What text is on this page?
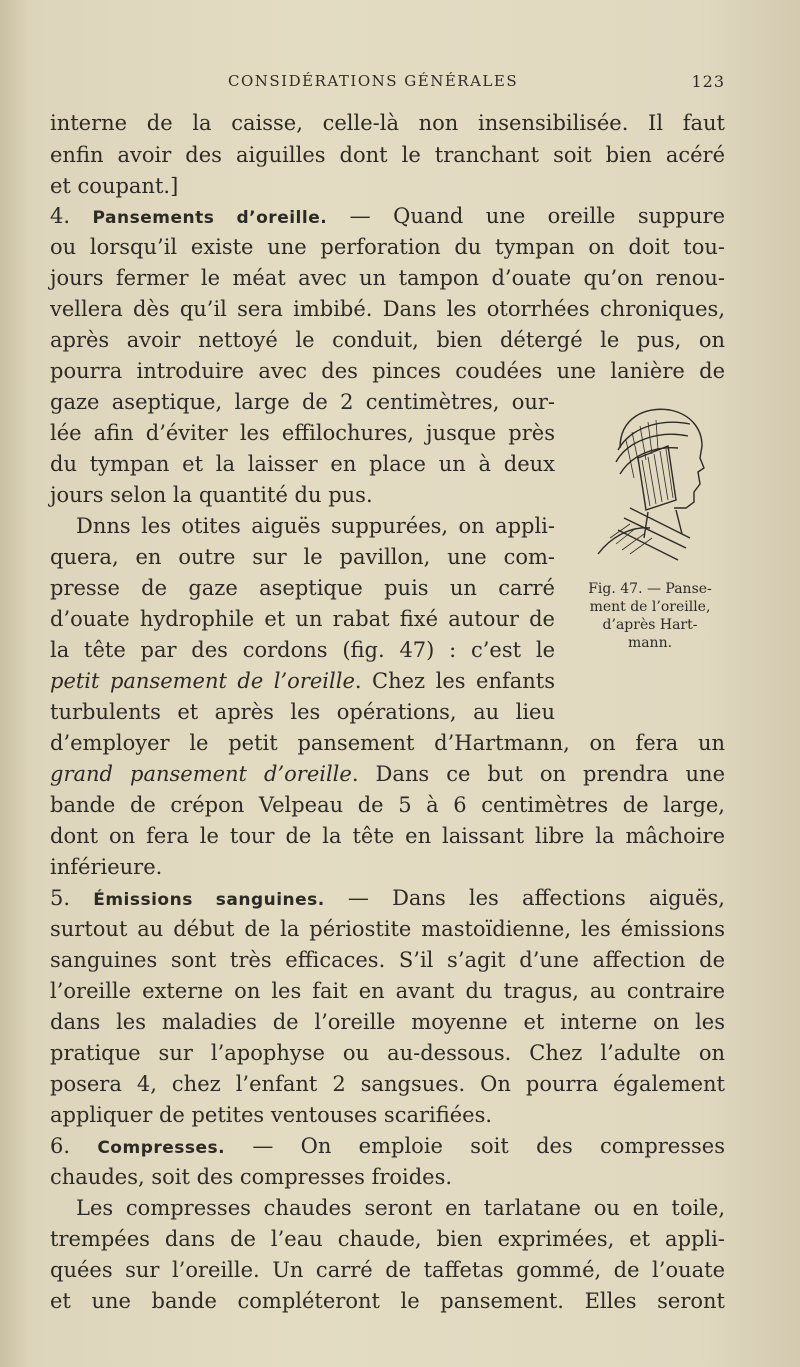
CONSIDÉRATIONS GÉNÉRALES	123
interne de la caisse, celle-là non insensibilisée. Il faut
enfin avoir des aiguilles dont le tranchant soit bien acéré
et coupant.]
4. Pansements d’oreille. — Quand une oreille suppure
ou lorsqu’il existe une perforation du tympan on doit tou-
jours fermer le méat avec un tampon d’ouate qu’on renou-
vellera dès qu’il sera imbibé. Dans les otorrhées chroniques,
après avoir nettoyé le conduit, bien détergé le pus, on
pourra introduire avec des pinces coudées une lanière de
gaze aseptique, large de 2 centimètres, our-
lée afin d’éviter les effilochures, jusque près
du tympan et la laisser en place un à deux
jours selon la quantité du pus.
Dnns les otites aiguës suppurées, on appli-
quera, en outre sur le pavillon, une com-
presse de gaze aseptique puis un carré
d’ouate hydrophile et un rabat fixé autour de
la tête par des cordons (fig. 47) : c’est le
petit pansement de l’oreille. Chez les enfants
turbulents et après les opérations, au lieu
d’employer le petit pansement d’Hartmann, on fera un
grand pansement d’oreille. Dans ce but on prendra une
bande de crépon Velpeau de 5 à 6 centimètres de large,
dont on fera le tour de la tête en laissant libre la mâchoire
inférieure.
5. Émissions sanguines. — Dans les affections aiguës,
surtout au début de la périostite mastoïdienne, les émissions
sanguines sont très efficaces. S’il s’agit d’une affection de
l’oreille externe on les fait en avant du tragus, au contraire
dans les maladies de l’oreille moyenne et interne on les
pratique sur l’apophyse ou au-dessous. Chez l’adulte on
posera 4, chez l’enfant 2 sangsues. On pourra également
appliquer de petites ventouses scarifiées.
6. Compresses. — On emploie soit des compresses
chaudes, soit des compresses froides.
Les compresses chaudes seront en tarlatane ou en toile,
trempées dans de l’eau chaude, bien exprimées, et appli-
quées sur l’oreille. Un carré de taffetas gommé, de l’ouate
et une bande compléteront le pansement. Elles seront
Fig. 47. — Panse-
ment de l’oreille,
d’après Hart-
mann.
